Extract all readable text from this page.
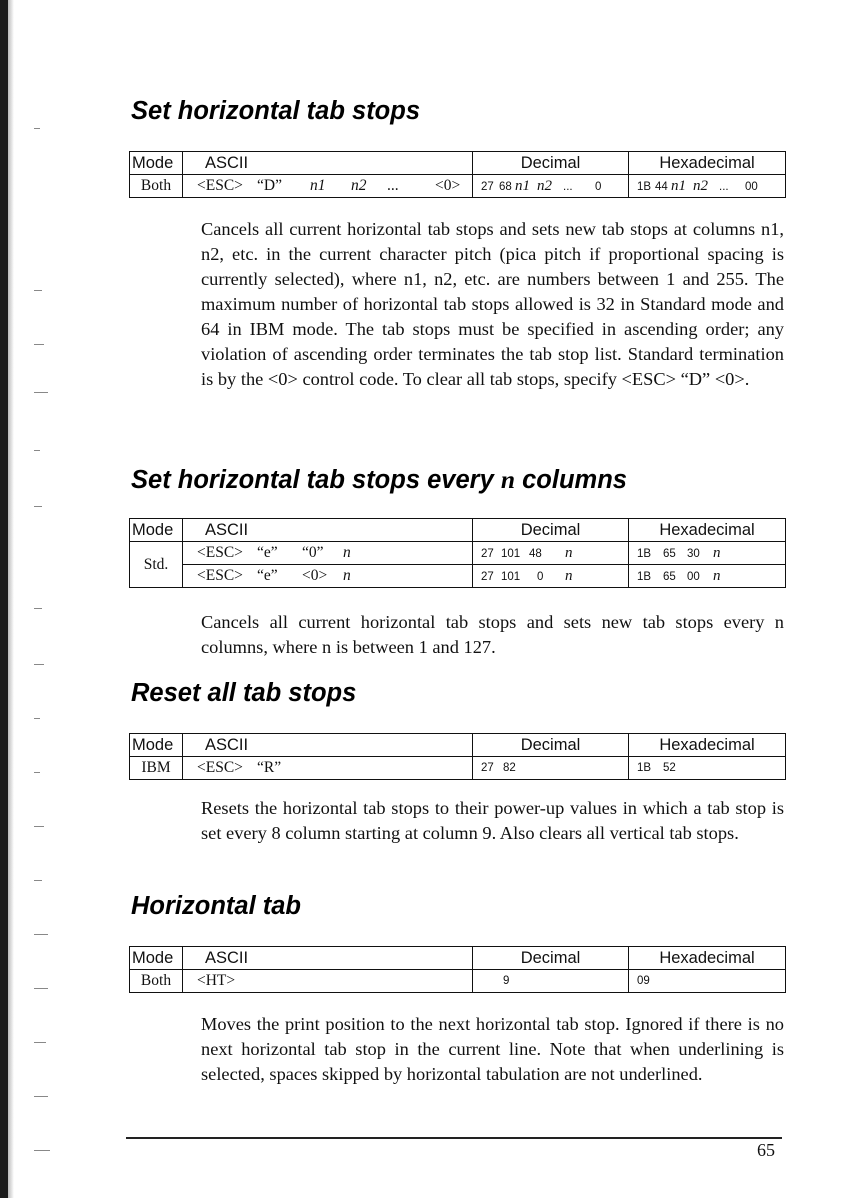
Set horizontal tab stops
Mode	ASCII	Decimal	Hexadecimal
Both	<ESC> “D” n1 n2 ... <0>	27 68 n1 n2 ... 0	1B 44 n1 n2 ... 00

Cancels all current horizontal tab stops and sets new tab stops at columns n1, n2, etc. in the current character pitch (pica pitch if proportional spacing is currently selected), where n1, n2, etc. are numbers between 1 and 255. The maximum number of horizontal tab stops allowed is 32 in Standard mode and 64 in IBM mode. The tab stops must be specified in ascending order; any violation of ascending order terminates the tab stop list. Standard termination is by the <0> control code. To clear all tab stops, specify <ESC> “D” <0>.

Set horizontal tab stops every n columns
Mode	ASCII	Decimal	Hexadecimal
Std.	<ESC> “e” “0” n	27 101 48 n	1B 65 30 n
	<ESC> “e” <0> n	27 101 0 n	1B 65 00 n

Cancels all current horizontal tab stops and sets new tab stops every n columns, where n is between 1 and 127.

Reset all tab stops
Mode	ASCII	Decimal	Hexadecimal
IBM	<ESC> “R”	27 82	1B 52

Resets the horizontal tab stops to their power-up values in which a tab stop is set every 8 column starting at column 9. Also clears all vertical tab stops.

Horizontal tab
Mode	ASCII	Decimal	Hexadecimal
Both	<HT>	9	09

Moves the print position to the next horizontal tab stop. Ignored if there is no next horizontal tab stop in the current line. Note that when underlining is selected, spaces skipped by horizontal tabulation are not underlined.

65
